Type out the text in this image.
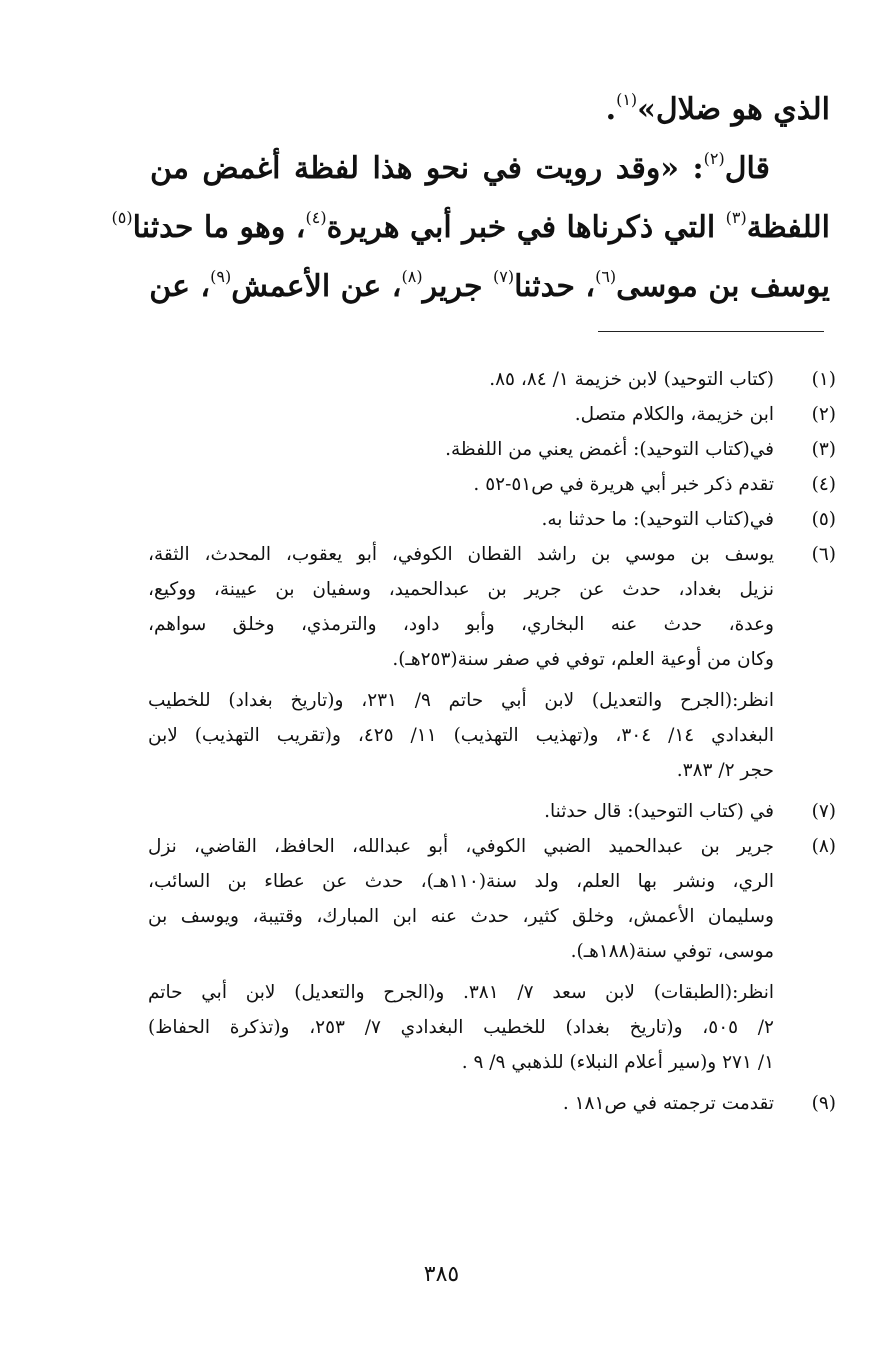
الذي هو ضلال»$^{(١)}$.
قال$^{(٢)}$: «وقد رويت في نحو هذا لفظة أغمض من
اللفظة$^{(٣)}$ التي ذكرناها في خبر أبي هريرة$^{(٤)}$، وهو ما حدثنا$^{(٥)}$
يوسف بن موسى$^{(٦)}$، حدثنا$^{(٧)}$ جرير$^{(٨)}$، عن الأعمش$^{(٩)}$، عن
(١)
(كتاب التوحيد) لابن خزيمة ١/ ٨٤، ٨٥.
(٢)
ابن خزيمة، والكلام متصل.
(٣)
في(كتاب التوحيد): أغمض يعني من اللفظة.
(٤)
تقدم ذكر خبر أبي هريرة في ص٥١-٥٢ .
(٥)
في(كتاب التوحيد): ما حدثنا به.
(٦)
يوسف بن موسي بن راشد القطان الكوفي، أبو يعقوب، المحدث، الثقة،
نزيل بغداد، حدث عن جرير بن عبدالحميد، وسفيان بن عيينة، ووكيع،
وعدة، حدث عنه البخاري، وأبو داود، والترمذي، وخلق سواهم،
وكان من أوعية العلم، توفي في صفر سنة(٢٥٣هـ).
انظر:(الجرح والتعديل) لابن أبي حاتم ٩/ ٢٣١، و(تاريخ بغداد) للخطيب
البغدادي ١٤/ ٣٠٤، و(تهذيب التهذيب) ١١/ ٤٢٥، و(تقريب التهذيب) لابن
حجر ٢/ ٣٨٣.
(٧)
في (كتاب التوحيد): قال حدثنا.
(٨)
جرير بن عبدالحميد الضبي الكوفي، أبو عبدالله، الحافظ، القاضي، نزل
الري، ونشر بها العلم، ولد سنة(١١٠هـ)، حدث عن عطاء بن السائب،
وسليمان الأعمش، وخلق كثير، حدث عنه ابن المبارك، وقتيبة، ويوسف بن
موسى، توفي سنة(١٨٨هـ).
انظر:(الطبقات) لابن سعد ٧/ ٣٨١. و(الجرح والتعديل) لابن أبي حاتم
٢/ ٥٠٥، و(تاريخ بغداد) للخطيب البغدادي ٧/ ٢٥٣، و(تذكرة الحفاظ)
١/ ٢٧١ و(سير أعلام النبلاء) للذهبي ٩/ ٩ .
(٩)
تقدمت ترجمته في ص١٨١ .
٣٨٥
